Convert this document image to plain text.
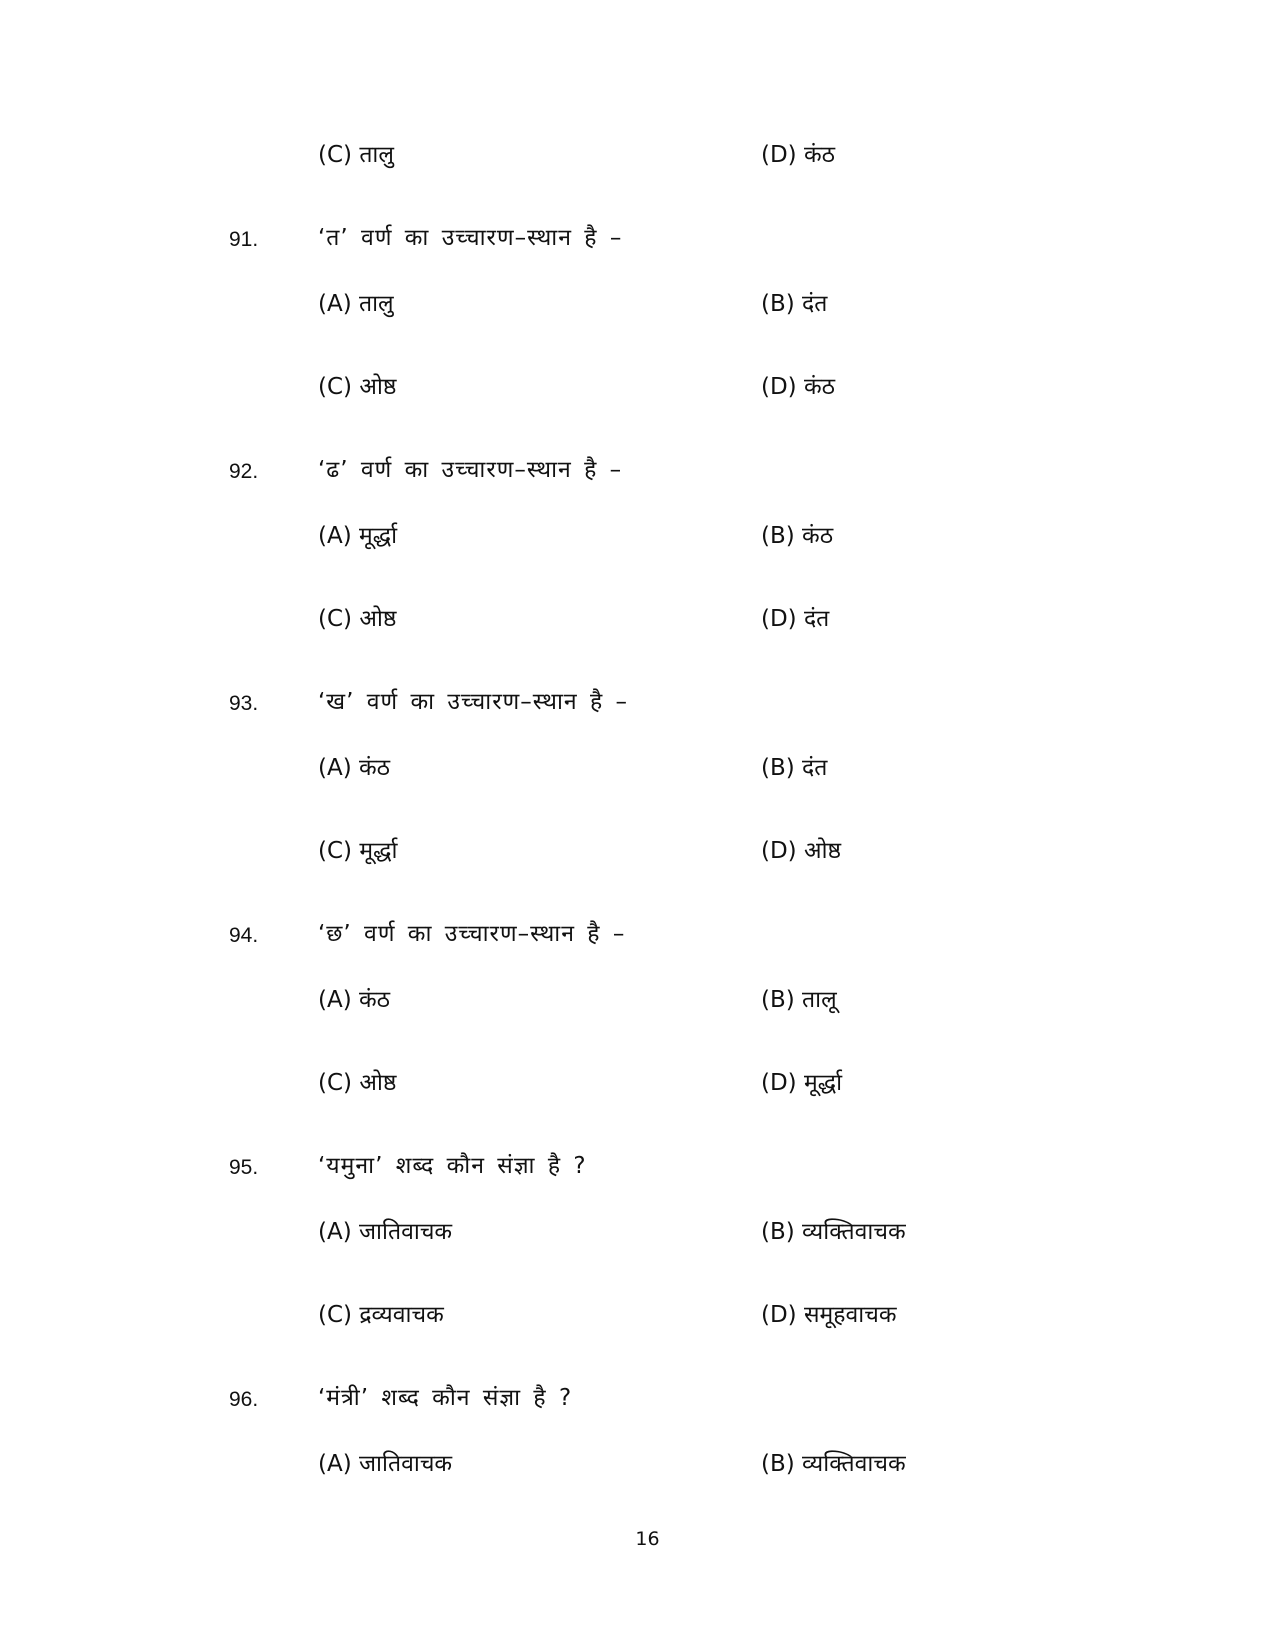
(C) तालु	(D) कंठ
91.	‘त’ वर्ण का उच्चारण–स्थान है –
(A) तालु	(B) दंत
(C) ओष्ठ	(D) कंठ
92.	‘ढ’ वर्ण का उच्चारण–स्थान है –
(A) मूर्द्धा	(B) कंठ
(C) ओष्ठ	(D) दंत
93.	‘ख’ वर्ण का उच्चारण–स्थान है –
(A) कंठ	(B) दंत
(C) मूर्द्धा	(D) ओष्ठ
94.	‘छ’ वर्ण का उच्चारण–स्थान है –
(A) कंठ	(B) तालू
(C) ओष्ठ	(D) मूर्द्धा
95.	‘यमुना’ शब्द कौन संज्ञा है ?
(A) जातिवाचक	(B) व्यक्तिवाचक
(C) द्रव्यवाचक	(D) समूहवाचक
96.	‘मंत्री’ शब्द कौन संज्ञा है ?
(A) जातिवाचक	(B) व्यक्तिवाचक
16
